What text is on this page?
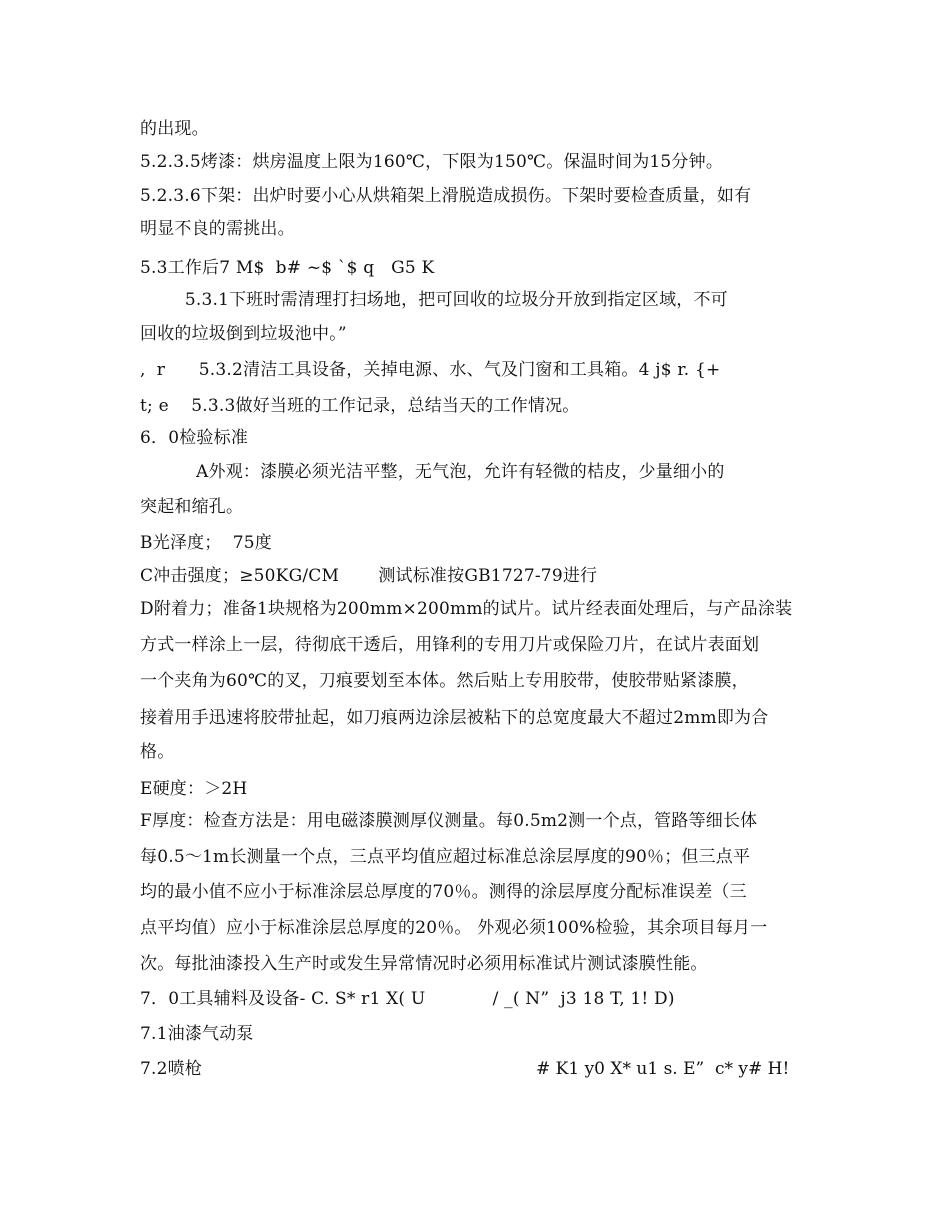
的出现。
5.2.3.5烤漆：烘房温度上限为160℃，下限为150℃。保温时间为15分钟。
5.2.3.6下架：出炉时要小心从烘箱架上滑脱造成损伤。下架时要检查质量，如有
明显不良的需挑出。
5.3工作后7 M$  b# ~$ `$ q   G5 K
5.3.1下班时需清理打扫场地，把可回收的垃圾分开放到指定区域，不可
回收的垃圾倒到垃圾池中。”
,  r      5.3.2清洁工具设备，关掉电源、水、气及门窗和工具箱。4 j$ r. {+
t; e    5.3.3做好当班的工作记录，总结当天的工作情况。
6．0检验标准
A外观：漆膜必须光洁平整，无气泡，允许有轻微的桔皮，少量细小的
突起和缩孔。
B光泽度；  75度
C冲击强度；≥50KG/CM       测试标准按GB1727-79进行
D附着力；准备1块规格为200mm×200mm的试片。试片经表面处理后，与产品涂装
方式一样涂上一层，待彻底干透后，用锋利的专用刀片或保险刀片，在试片表面划
一个夹角为60℃的叉，刀痕要划至本体。然后贴上专用胶带，使胶带贴紧漆膜，
接着用手迅速将胶带扯起，如刀痕两边涂层被粘下的总宽度最大不超过2mm即为合
格。
E硬度：＞2H
F厚度：检查方法是：用电磁漆膜测厚仪测量。每0.5m2测一个点，管路等细长体
每0.5～1m长测量一个点，三点平均值应超过标准总涂层厚度的90％；但三点平
均的最小值不应小于标准涂层总厚度的70％。测得的涂层厚度分配标准误差（三
点平均值）应小于标准涂层总厚度的20％。 外观必须100%检验，其余项目每月一
次。每批油漆投入生产时或发生异常情况时必须用标准试片测试漆膜性能。
7．0工具辅料及设备- C. S* r1 X( U            / _( N”  j3 18 T, 1! D)
7.1油漆气动泵
7.2喷枪	# K1 y0 X* u1 s. E”  c* y# H!
